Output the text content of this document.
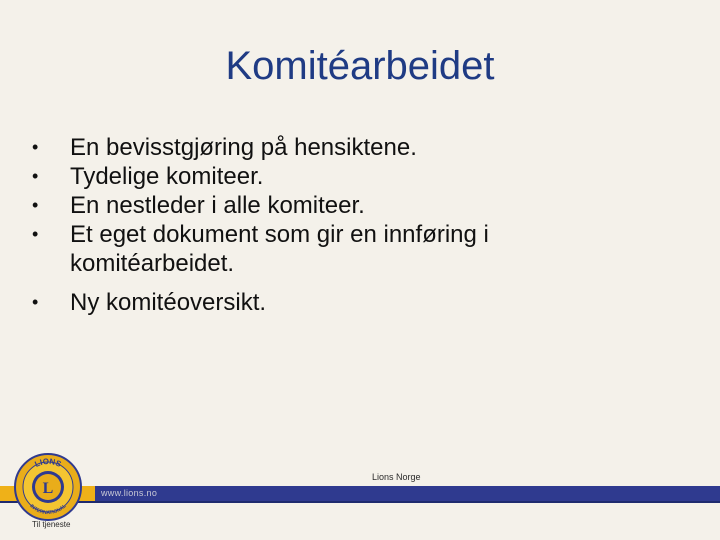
Komitéarbeidet
• En bevisstgjøring på hensiktene.
• Tydelige komiteer.
• En nestleder i alle komiteer.
• Et eget dokument som gir en innføring i komitéarbeidet.
• Ny komitéoversikt.
Lions Norge
www.lions.no
L
LIONS
INTERNATIONAL
Til tjeneste
